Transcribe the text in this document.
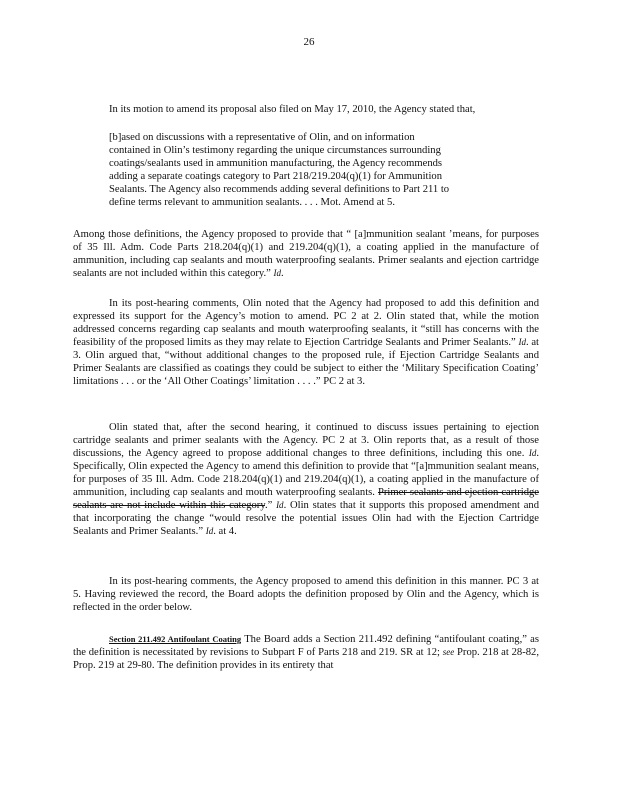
26

In its motion to amend its proposal also filed on May 17, 2010, the Agency stated that,

[b]ased on discussions with a representative of Olin, and on information

contained in Olin’s testimony regarding the unique circumstances surrounding

coatings/sealants used in ammunition manufacturing, the Agency recommends

adding a separate coatings category to Part 218/219.204(q)(1) for Ammunition

Sealants. The Agency also recommends adding several definitions to Part 211 to

define terms relevant to ammunition sealants. . . . Mot. Amend at 5.

Among those definitions, the Agency proposed to provide that “ [a]mmunition sealant ’means, for purposes of 35 Ill. Adm. Code Parts 218.204(q)(1) and 219.204(q)(1), a coating applied in the manufacture of ammunition, including cap sealants and mouth waterproofing sealants. Primer sealants and ejection cartridge sealants are not included within this category.” Id.

In its post-hearing comments, Olin noted that the Agency had proposed to add this definition and expressed its support for the Agency’s motion to amend. PC 2 at 2. Olin stated that, while the motion addressed concerns regarding cap sealants and mouth waterproofing sealants, it “still has concerns with the feasibility of the proposed limits as they may relate to Ejection Cartridge Sealants and Primer Sealants.” Id. at 3. Olin argued that, “without additional changes to the proposed rule, if Ejection Cartridge Sealants and Primer Sealants are classified as coatings they could be subject to either the ‘Military Specification Coating’ limitations . . . or the ‘All Other Coatings’ limitation . . . .” PC 2 at 3.

Olin stated that, after the second hearing, it continued to discuss issues pertaining to ejection cartridge sealants and primer sealants with the Agency. PC 2 at 3. Olin reports that, as a result of those discussions, the Agency agreed to propose additional changes to three definitions, including this one. Id. Specifically, Olin expected the Agency to amend this definition to provide that “[a]mmunition sealant means, for purposes of 35 Ill. Adm. Code 218.204(q)(1) and 219.204(q)(1), a coating applied in the manufacture of ammunition, including cap sealants and mouth waterproofing sealants. Primer sealants and ejection cartridge sealants are not include within this category.” Id. Olin states that it supports this proposed amendment and that incorporating the change “would resolve the potential issues Olin had with the Ejection Cartridge Sealants and Primer Sealants.” Id. at 4.

In its post-hearing comments, the Agency proposed to amend this definition in this manner. PC 3 at 5. Having reviewed the record, the Board adopts the definition proposed by Olin and the Agency, which is reflected in the order below.

Section 211.492 Antifoulant Coating The Board adds a Section 211.492 defining “antifoulant coating,” as the definition is necessitated by revisions to Subpart F of Parts 218 and 219. SR at 12; see Prop. 218 at 28-82, Prop. 219 at 29-80. The definition provides in its entirety that
